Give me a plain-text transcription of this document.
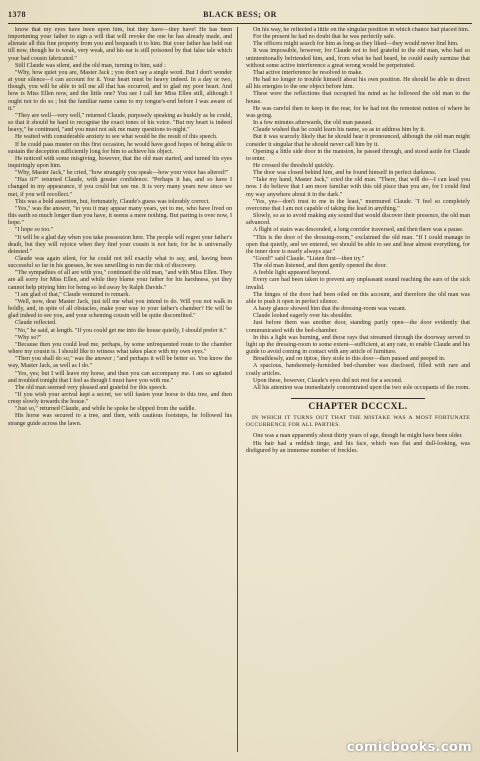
1378	BLACK BESS; OR

know that my eyes have been upon him, but they have—they have! He has been importuning your father to sign a will that will revoke the one he has already made, and alienate all this fine property from you and bequeath it to him. But your father has held out till now, though he is weak, very weak, and his ear is still poisoned by that false tale which your bad cousin fabricated."

Still Claude was silent, and the old man, turning to him, said :

"Why, how quiet you are, Master Jack ; you don't say a single word. But I don't wonder at your silence—I can account for it. Your heart must be heavy indeed. In a day or two, though, you will be able to tell me all that has occurred, and to glad my poor heart. And how is Miss Ellen now, and the little one? You see I call her Miss Ellen still, although I ought not to do so ; but the familiar name came to my tongue's-end before I was aware of it."

"They are well—very well," returned Claude, purposely speaking as huskily as he could, so that it should be hard to recognise the exact tones of his voice. "But my heart is indeed heavy," he continued, "and you must not ask me many questions to-night."

He waited with considerable anxiety to see what would be the result of this speech.

If he could pass muster on this first occasion, he would have good hopes of being able to sustain the deception sufficiently long for him to achieve his object.

He noticed with some misgiving, however, that the old man started, and turned his eyes inquiringly upon him.

"Why, Master Jack," he cried, "how strangely you speak—how your voice has altered!"

"Has it?" returned Claude, with greater confidence. "Perhaps it has, and so have I changed in my appearance, if you could but see me. It is very many years now since we met, if you will recollect."

This was a bold assertion, but, fortunately, Claude's guess was tolerably correct.

"Yes," was the answer, "to you it may appear many years, yet to me, who have lived on this earth so much longer than you have, it seems a mere nothing. But parting is over now, I hope."

"I hope so too."

"It will be a glad day when you take possession here. The people will regret your father's death, but they will rejoice when they find your cousin is not heir, for he is universally detested."

Claude was again silent, for he could not tell exactly what to say, and, having been successful so far in his guesses, he was unwilling to run the risk of discovery.

"The sympathies of all are with you," continued the old man, "and with Miss Ellen. They are all sorry for Miss Ellen, and while they blame your father for his harshness, yet they cannot help pitying him for being so led away by Ralph Davids."

"I am glad of that," Claude ventured to remark.

"Well, now, dear Master Jack, just tell me what you intend to do. Will you not walk in boldly, and, in spite of all obstacles, make your way to your father's chamber? He will be glad indeed to see you, and your scheming cousin will be quite discomfited."

Claude reflected.

"No," he said, at length. "If you could get me into the house quietly, I should prefer it."

"Why so?"

"Because then you could lead me, perhaps, by some unfrequented route to the chamber where my cousin is. I should like to witness what takes place with my own eyes."

"Then you shall do so," was the answer ; "and perhaps it will be better so. You know the way, Master Jack, as well as I do."

"Yes, yes; but I will leave my horse, and then you can accompany me. I am so agitated and troubled tonight that I feel as though I must have you with me."

The old man seemed very pleased and grateful for this speech.

"If you wish your arrival kept a secret, we will fasten your horse to this tree, and then creep slowly towards the house."

"Just so," returned Claude, and while he spoke he slipped from the saddle.

His horse was secured to a tree, and then, with cautious footsteps, he followed his strange guide across the lawn.

On his way, he reflected a little on the singular position in which chance had placed him.

For the present he had no doubt that he was perfectly safe.

The officers might search for him as long as they liked—they would never find him.

It was impossible, however, for Claude not to feel grateful to the old man, who had so unintentionally befriended him, and, from what he had heard, he could easily surmise that without some active interference a great wrong would be perpetrated.

That active interference he resolved to make.

He had no longer to trouble himself about his own position. He should be able to direct all his energies to the one object before him.

These were the reflections that occupied his mind as he followed the old man to the house.

He was careful then to keep in the rear, for he had not the remotest notion of where he was going.

In a few minutes afterwards, the old man paused.

Claude wished that he could learn his name, so as to address him by it.

But it was scarcely likely that he should hear it pronounced, although the old man might consider it singular that he should never call him by it.

Opening a little side door in the mansion, he passed through, and stood aside for Claude to enter.

He crossed the threshold quickly.

The door was closed behind him, and he found himself in perfect darkness.

"Take my hand, Master Jack," cried the old man. "There, that will do—I can lead you now. I do believe that I am more familiar with this old place than you are, for I could find my way anywhere about it in the dark."

"Yes, yes—don't trust to me in the least," murmured Claude. "I feel so completely overcome that I am not capable of taking the lead in anything."

Slowly, so as to avoid making any sound that would discover their presence, the old man advanced.

A flight of stairs was descended, a long corridor traversed, and then there was a pause.

"This is the door of the dressing-room," exclaimed the old man. "If I could manage to open that quietly, and we entered, we should be able to see and hear almost everything, for the inner door is nearly always ajar."

"Good!" said Claude. "Listen first—then try."

The old man listened, and then gently opened the door.

A feeble light appeared beyond.

Every care had been taken to prevent any unpleasant sound reaching the ears of the sick invalid.

The hinges of the door had been oiled on this account, and therefore the old man was able to push it open in perfect silence.

A hasty glance showed him that the dressing-room was vacant.

Claude looked eagerly over his shoulder.

Just before them was another door, standing partly open—the door evidently that communicated with the bed-chamber.

In this a light was burning, and those rays that streamed through the doorway served to light up the dressing-room to some extent—sufficient, at any rate, to enable Claude and his guide to avoid coming in contact with any article of furniture.

Breathlessly, and on tiptoe, they stole to this door—then paused and peeped in.

A spacious, handsomely-furnished bed-chamber was disclosed, filled with rare and costly articles.

Upon these, however, Claude's eyes did not rest for a second.

All his attention was immediately concentrated upon the two sole occupants of the room.

CHAPTER DCCCXL.
IN WHICH IT TURNS OUT THAT THE MISTAKE WAS A MOST FORTUNATE OCCURRENCE FOR ALL PARTIES.

One was a man apparently about thirty years of age, though he might have been older.

His hair had a reddish tinge, and his face, which was flat and dull-looking, was disfigured by an immense number of freckles.

comicbooks.com
